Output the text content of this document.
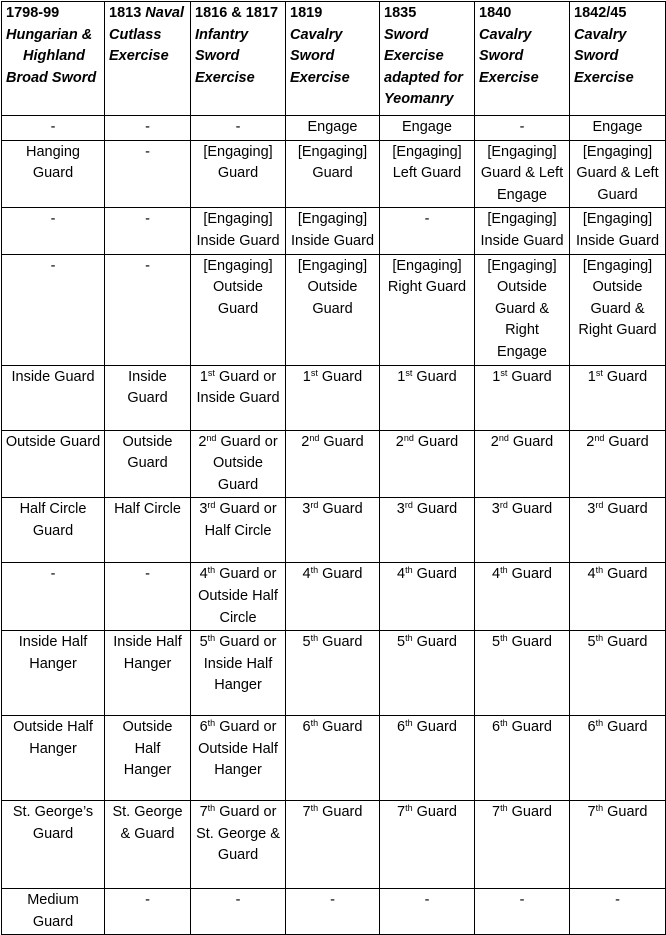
1798-99
Hungarian &
Highland
Broad Sword	1813 Naval
Cutlass
Exercise	1816 & 1817
Infantry
Sword
Exercise	1819
Cavalry
Sword
Exercise	1835
Sword
Exercise
adapted for
Yeomanry	1840
Cavalry
Sword
Exercise	1842/45
Cavalry
Sword
Exercise

-	-	-	Engage	Engage	-	Engage

Hanging
Guard	-	[Engaging]
Guard	[Engaging]
Guard	[Engaging]
Left Guard	[Engaging]
Guard & Left
Engage	[Engaging]
Guard & Left
Guard

-	-	[Engaging]
Inside Guard	[Engaging]
Inside Guard	-	[Engaging]
Inside Guard	[Engaging]
Inside Guard

-	-	[Engaging]
Outside
Guard	[Engaging]
Outside
Guard	[Engaging]
Right Guard	[Engaging]
Outside
Guard &
Right
Engage	[Engaging]
Outside
Guard &
Right Guard

Inside Guard	Inside
Guard	1st Guard or
Inside Guard	1st Guard	1st Guard	1st Guard	1st Guard

Outside Guard	Outside
Guard	2nd Guard or
Outside
Guard	2nd Guard	2nd Guard	2nd Guard	2nd Guard

Half Circle
Guard	Half Circle	3rd Guard or
Half Circle	3rd Guard	3rd Guard	3rd Guard	3rd Guard

-	-	4th Guard or
Outside Half
Circle	4th Guard	4th Guard	4th Guard	4th Guard

Inside Half
Hanger	Inside Half
Hanger	5th Guard or
Inside Half
Hanger	5th Guard	5th Guard	5th Guard	5th Guard

Outside Half
Hanger	Outside
Half
Hanger	6th Guard or
Outside Half
Hanger	6th Guard	6th Guard	6th Guard	6th Guard

St. George’s
Guard	St. George
& Guard	7th Guard or
St. George &
Guard	7th Guard	7th Guard	7th Guard	7th Guard

Medium
Guard	-	-	-	-	-	-
